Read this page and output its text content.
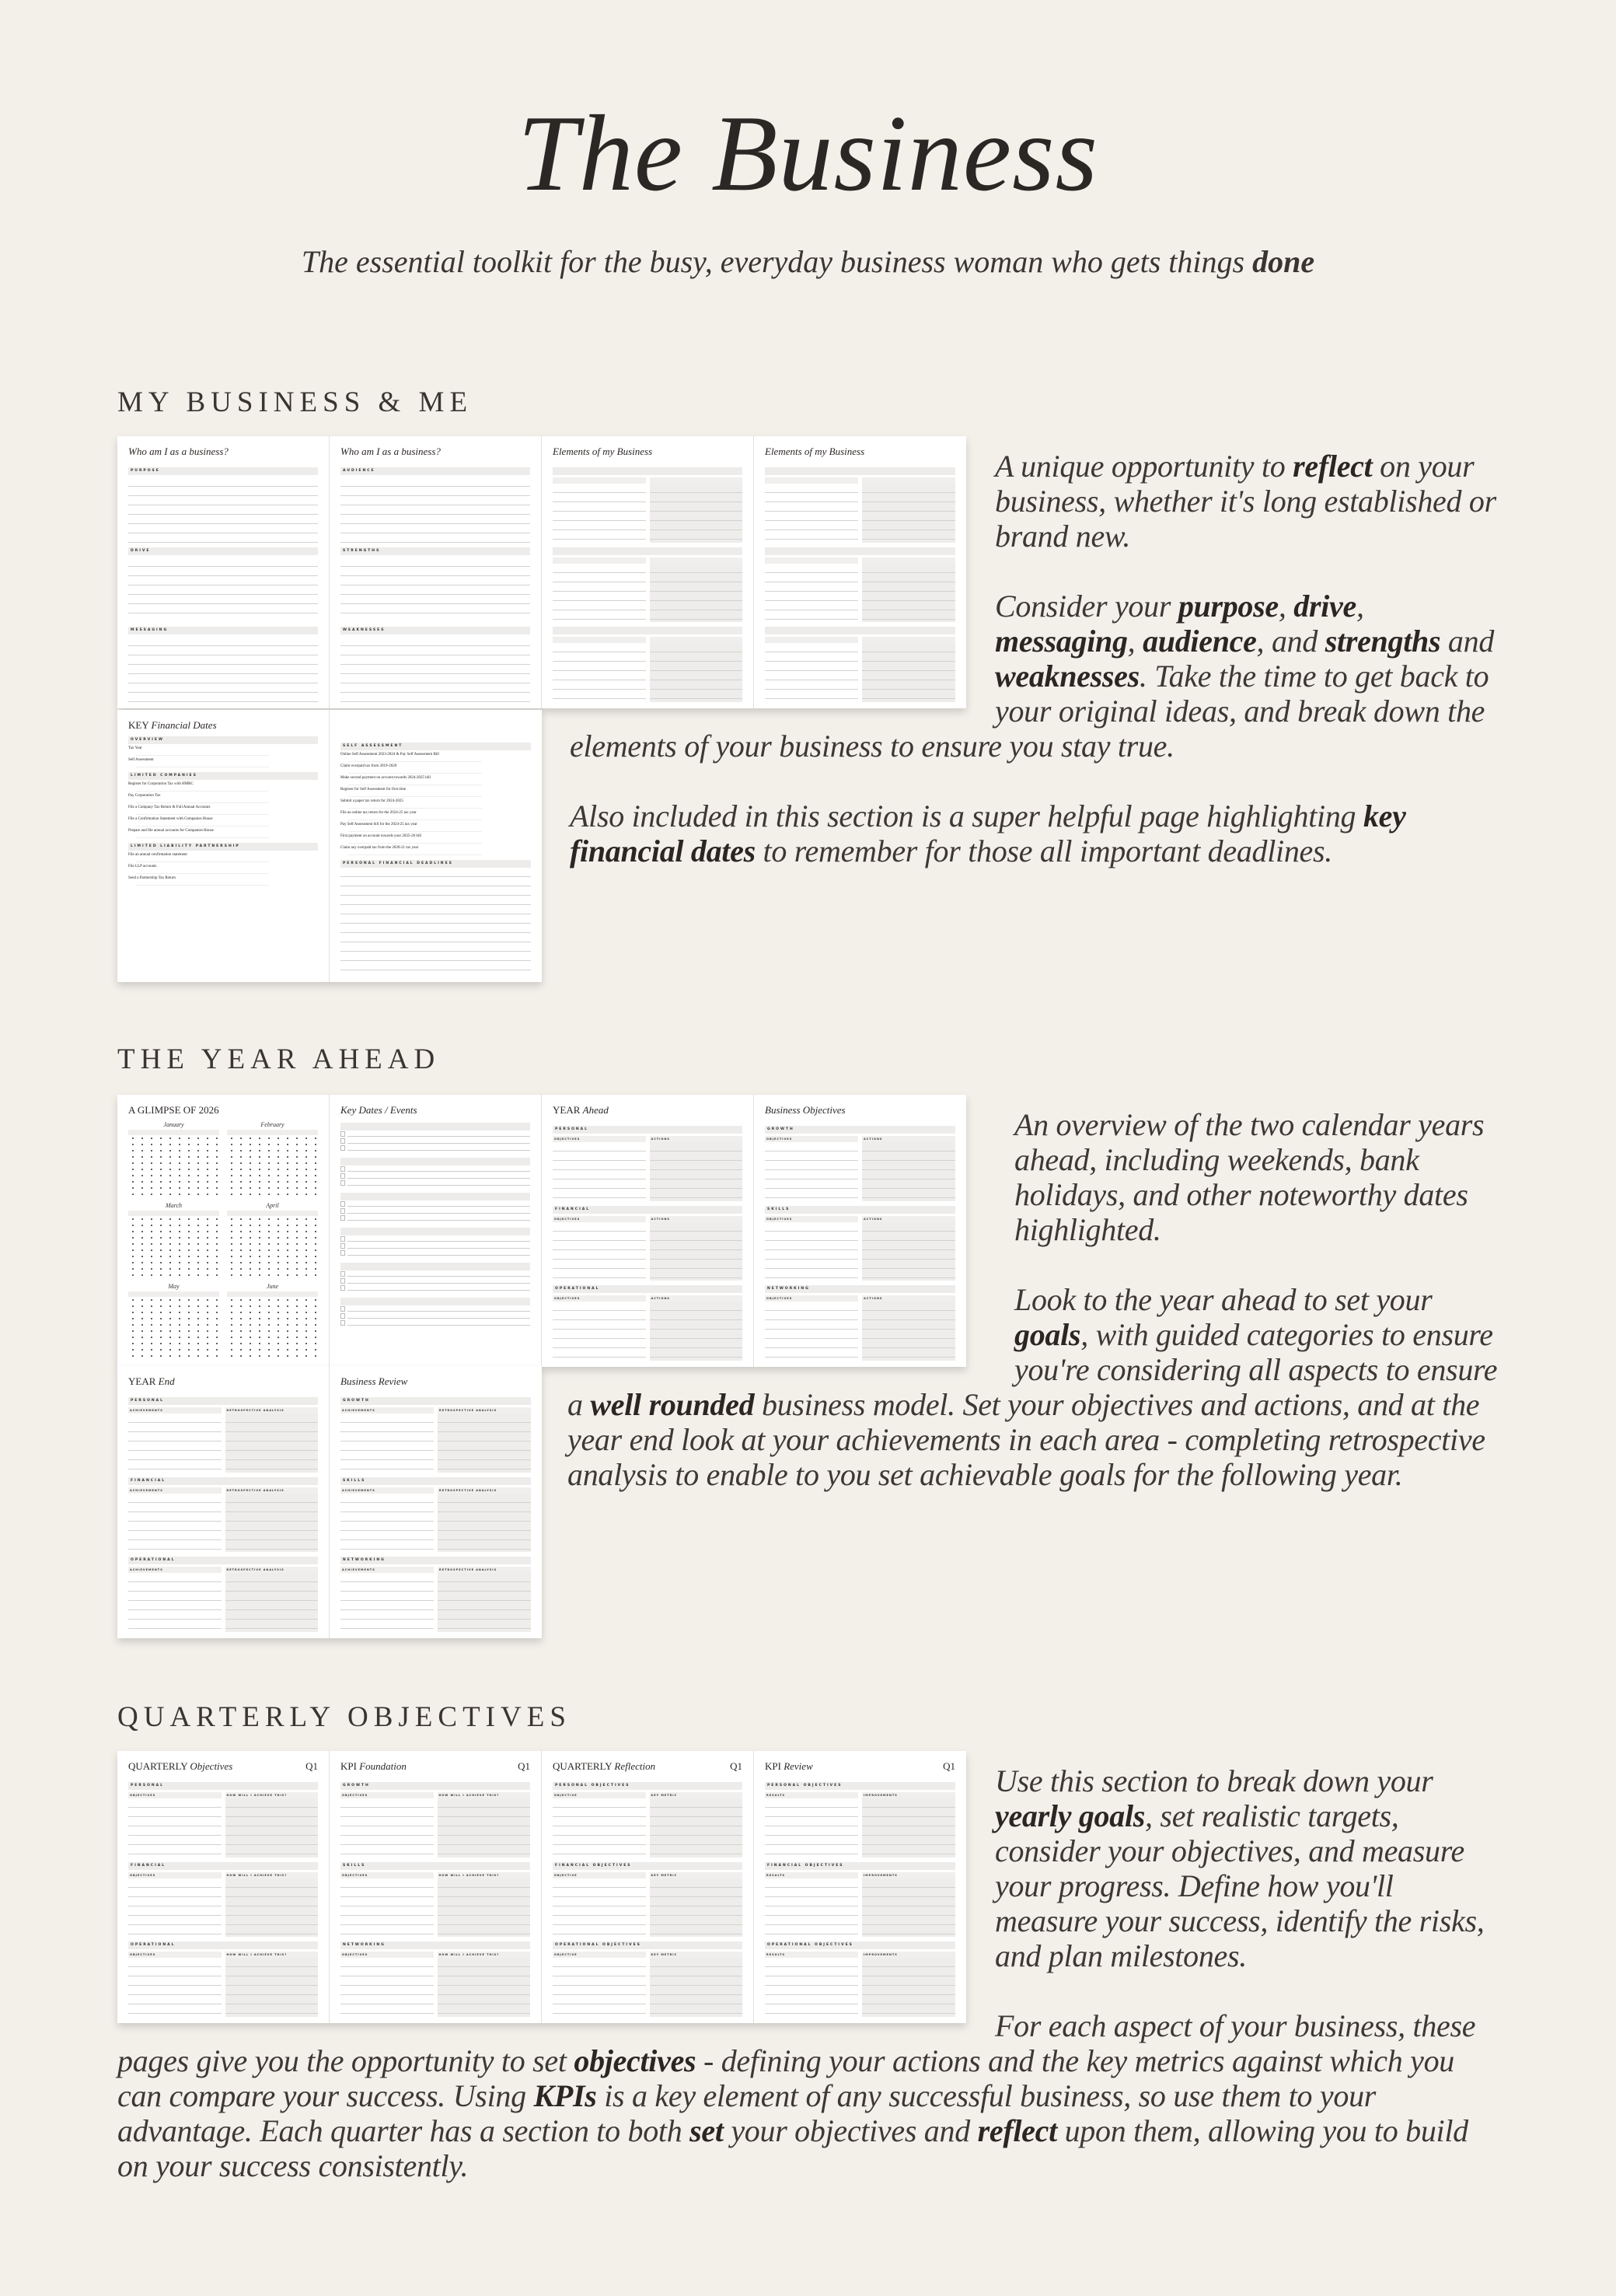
The Business
The essential toolkit for the busy, everyday business woman who gets things done
MY BUSINESS & ME
Who am I as a business?
PURPOSE
DRIVE
MESSAGING
Who am I as a business?
AUDIENCE
STRENGTHS
WEAKNESSES
Elements of my Business	Elements of my Business
KEY Financial Dates
OVERVIEW
Tax Year
Self Assessment
LIMITED COMPANIES
Register for Corporation Tax with HMRC
Pay Corporation Tax
File a Company Tax Return & Full Annual Accounts
File a Confirmation Statement with Companies House
Prepare and file annual accounts for Companies House
LIMITED LIABILITY PARTNERSHIP
File an annual confirmation statement
File LLP accounts
Send a Partnership Tax Return
SELF ASSESSMENT
Online Self Assessment 2023-2024 & Pay Self Assessment Bill
Claim overpaid tax from 2019-2020
Make second payment on account towards 2024-2025 bill
Register for Self Assessment for first time
Submit a paper tax return for 2024-2025
File an online tax return for the 2024-25 tax year
Pay Self Assessment bill for the 2024-25 tax year
First payment on account towards your 2025-26 bill
Claim any overpaid tax from the 2020-21 tax year
PERSONAL FINANCIAL DEADLINES

A unique opportunity to reflect on your business, whether it's long established or brand new.

Consider your purpose, drive, messaging, audience, and strengths and weaknesses. Take the time to get back to your original ideas, and break down the elements of your business to ensure you stay true.

Also included in this section is a super helpful page highlighting key financial dates to remember for those all important deadlines.

THE YEAR AHEAD
A GLIMPSE OF 2026
January	February
March	April
May	June
Key Dates / Events	YEAR Ahead
PERSONAL
OBJECTIVES	ACTIONS
FINANCIAL
OBJECTIVES	ACTIONS
OPERATIONAL
OBJECTIVES	ACTIONS
Business Objectives
GROWTH
OBJECTIVES	ACTIONS
SKILLS
OBJECTIVES	ACTIONS
NETWORKING
OBJECTIVES	ACTIONS
YEAR End
PERSONAL
ACHIEVEMENTS	RETROSPECTIVE ANALYSIS
FINANCIAL
ACHIEVEMENTS	RETROSPECTIVE ANALYSIS
OPERATIONAL
ACHIEVEMENTS	RETROSPECTIVE ANALYSIS
Business Review
GROWTH
ACHIEVEMENTS	RETROSPECTIVE ANALYSIS
SKILLS
ACHIEVEMENTS	RETROSPECTIVE ANALYSIS
NETWORKING
ACHIEVEMENTS	RETROSPECTIVE ANALYSIS

An overview of the two calendar years ahead, including weekends, bank holidays, and other noteworthy dates highlighted.

Look to the year ahead to set your goals, with guided categories to ensure you're considering all aspects to ensure a well rounded business model. Set your objectives and actions, and at the year end look at your achievements in each area - completing retrospective analysis to enable to you set achievable goals for the following year.

QUARTERLY OBJECTIVES
QUARTERLY Objectives	Q1
PERSONAL
OBJECTIVES	HOW WILL I ACHIEVE THIS?
FINANCIAL
OBJECTIVES	HOW WILL I ACHIEVE THIS?
OPERATIONAL
OBJECTIVES	HOW WILL I ACHIEVE THIS?
KPI Foundation	Q1
GROWTH
OBJECTIVES	HOW WILL I ACHIEVE THIS?
SKILLS
OBJECTIVES	HOW WILL I ACHIEVE THIS?
NETWORKING
OBJECTIVES	HOW WILL I ACHIEVE THIS?
QUARTERLY Reflection	Q1
PERSONAL OBJECTIVES
OBJECTIVE	KEY METRIC
FINANCIAL OBJECTIVES
OBJECTIVE	KEY METRIC
OPERATIONAL OBJECTIVES
OBJECTIVE	KEY METRIC
KPI Review	Q1
PERSONAL OBJECTIVES
RESULTS	IMPROVEMENTS
FINANCIAL OBJECTIVES
RESULTS	IMPROVEMENTS
OPERATIONAL OBJECTIVES
RESULTS	IMPROVEMENTS

Use this section to break down your yearly goals, set realistic targets, consider your objectives, and measure your progress. Define how you'll measure your success, identify the risks, and plan milestones.

For each aspect of your business, these pages give you the opportunity to set objectives - defining your actions and the key metrics against which you can compare your success. Using KPIs is a key element of any successful business, so use them to your advantage. Each quarter has a section to both set your objectives and reflect upon them, allowing you to build on your success consistently.
